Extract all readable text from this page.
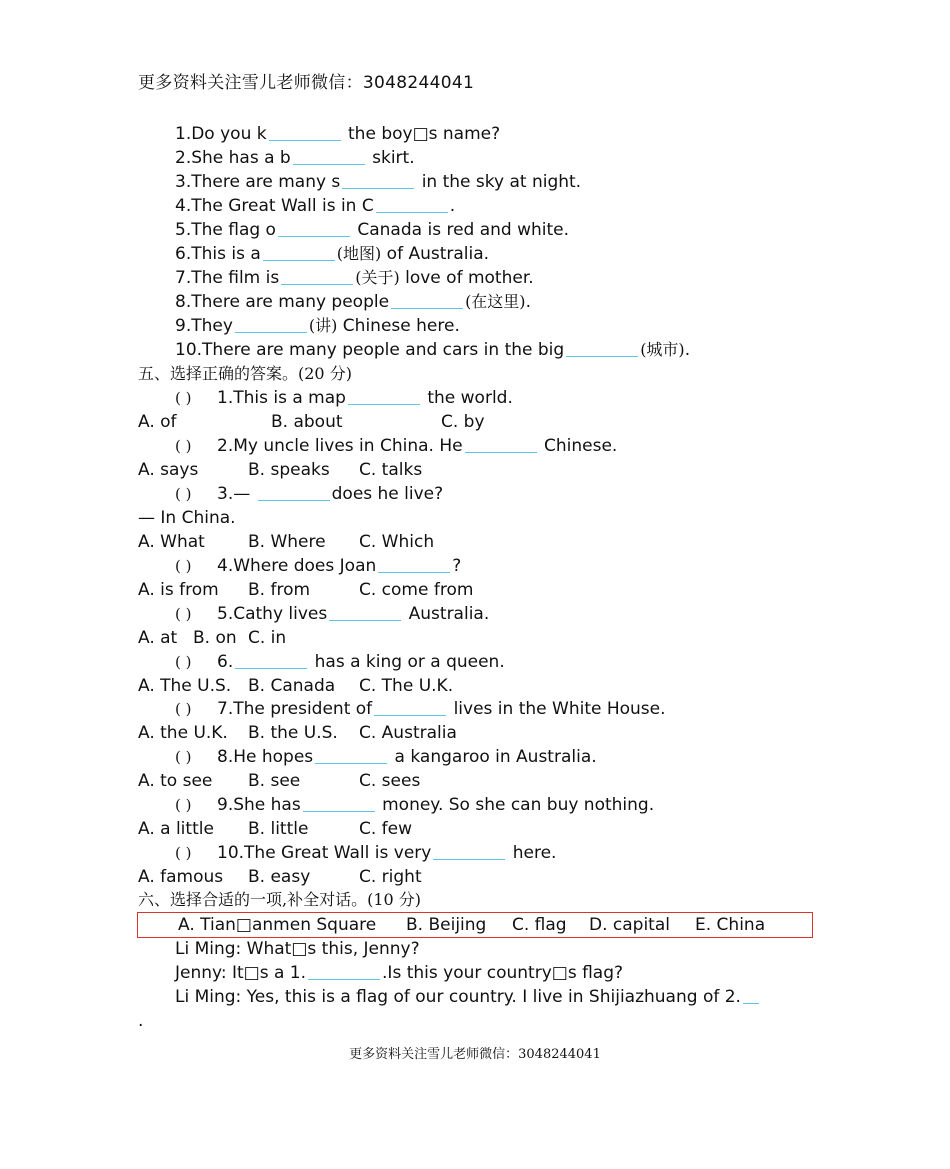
更多资料关注雪儿老师微信：3048244041
1.Do you k	the boy□s name?
2.She has a b	skirt.
3.There are many s	in the sky at night.
4.The Great Wall is in C	.
5.The flag o	Canada is red and white.
6.This is a	(地图) of Australia.
7.The film is	(关于) love of mother.
8.There are many people	(在这里).
9.They	(讲) Chinese here.
10.There are many people and cars in the big	(城市).
五、选择正确的答案。(20 分)
( ) 1.This is a map	the world.
A. of	B. about	C. by
( ) 2.My uncle lives in China. He	Chinese.
A. says	B. speaks C. talks
( ) 3.—	does he live?
— In China.
A. What	B. Where C. Which
( ) 4.Where does Joan	?
A. is from B. from	C. come from
( ) 5.Cathy lives	Australia.
A. at B. on C. in
( ) 6.	has a king or a queen.
A. The U.S. B. Canada C. The U.K.
( ) 7.The president of	lives in the White House.
A. the U.K. B. the U.S. C. Australia
( ) 8.He hopes	a kangaroo in Australia.
A. to see B. see	C. sees
( ) 9.She has	money. So she can buy nothing.
A. a little B. little	C. few
( ) 10.The Great Wall is very	here.
A. famous B. easy	C. right
六、选择合适的一项,补全对话。(10 分)
A. Tian□anmen Square B. Beijing C. flag D. capital E. China
Li Ming: What□s this, Jenny?
Jenny: It□s a 1.	.Is this your country□s flag?
Li Ming: Yes, this is a flag of our country. I live in Shijiazhuang of 2.
.
更多资料关注雪儿老师微信：3048244041
